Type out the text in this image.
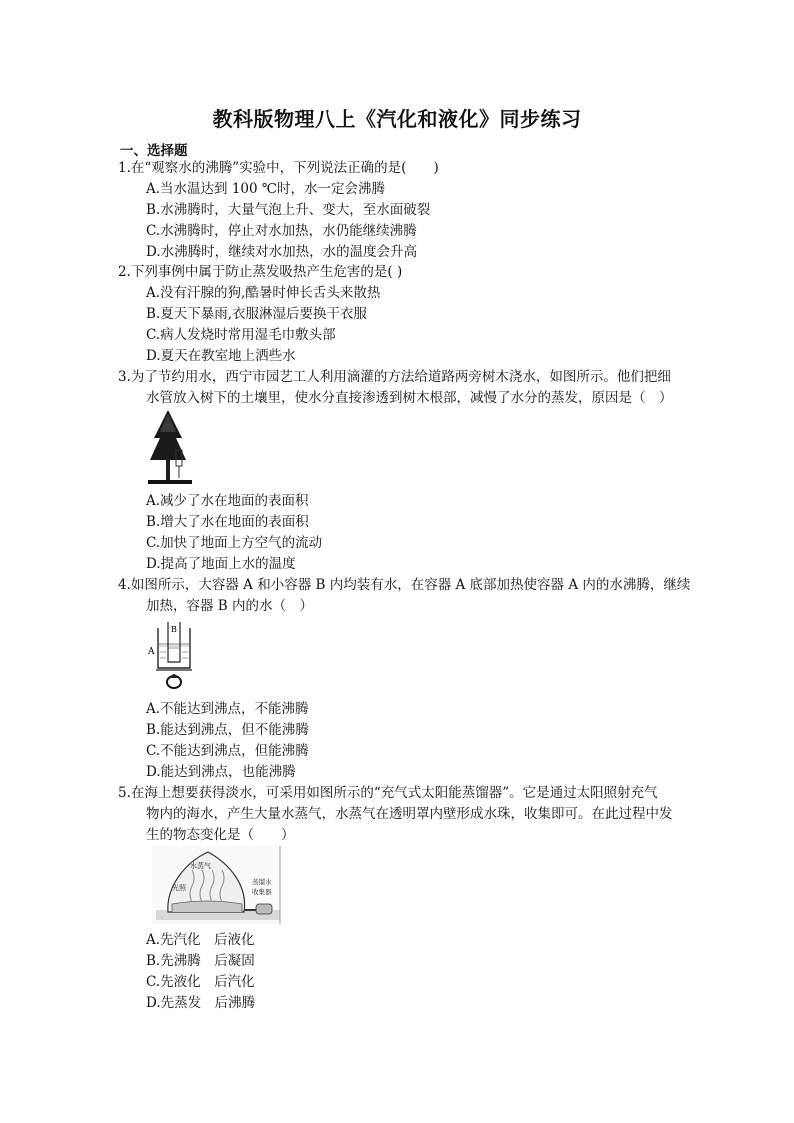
教科版物理八上《汽化和液化》同步练习
一、选择题
1.在“观察水的沸腾”实验中，下列说法正确的是(　　)
A.当水温达到 100 ℃时，水一定会沸腾
B.水沸腾时，大量气泡上升、变大，至水面破裂
C.水沸腾时，停止对水加热，水仍能继续沸腾
D.水沸腾时，继续对水加热，水的温度会升高
2.下列事例中属于防止蒸发吸热产生危害的是( )
A.没有汗腺的狗,酷暑时伸长舌头来散热
B.夏天下暴雨,衣服淋湿后要换干衣服
C.病人发烧时常用湿毛巾敷头部
D.夏天在教室地上洒些水
3.为了节约用水，西宁市园艺工人利用滴灌的方法给道路两旁树木浇水，如图所示。他们把细
水管放入树下的土壤里，使水分直接渗透到树木根部，减慢了水分的蒸发，原因是（　）
A.减少了水在地面的表面积
B.增大了水在地面的表面积
C.加快了地面上方空气的流动
D.提高了地面上水的温度
4.如图所示，大容器 A 和小容器 B 内均装有水，在容器 A 底部加热使容器 A 内的水沸腾，继续
加热，容器 B 内的水（　）
A
B
A.不能达到沸点，不能沸腾
B.能达到沸点，但不能沸腾
C.不能达到沸点，但能沸腾
D.能达到沸点，也能沸腾
5.在海上想要获得淡水，可采用如图所示的“充气式太阳能蒸馏器”。它是通过太阳照射充气
物内的海水，产生大量水蒸气，水蒸气在透明罩内壁形成水珠，收集即可。在此过程中发
生的物态变化是（　　）
水蒸气
光照
蒸馏水
收集器
A.先汽化　后液化
B.先沸腾　后凝固
C.先液化　后汽化
D.先蒸发　后沸腾
